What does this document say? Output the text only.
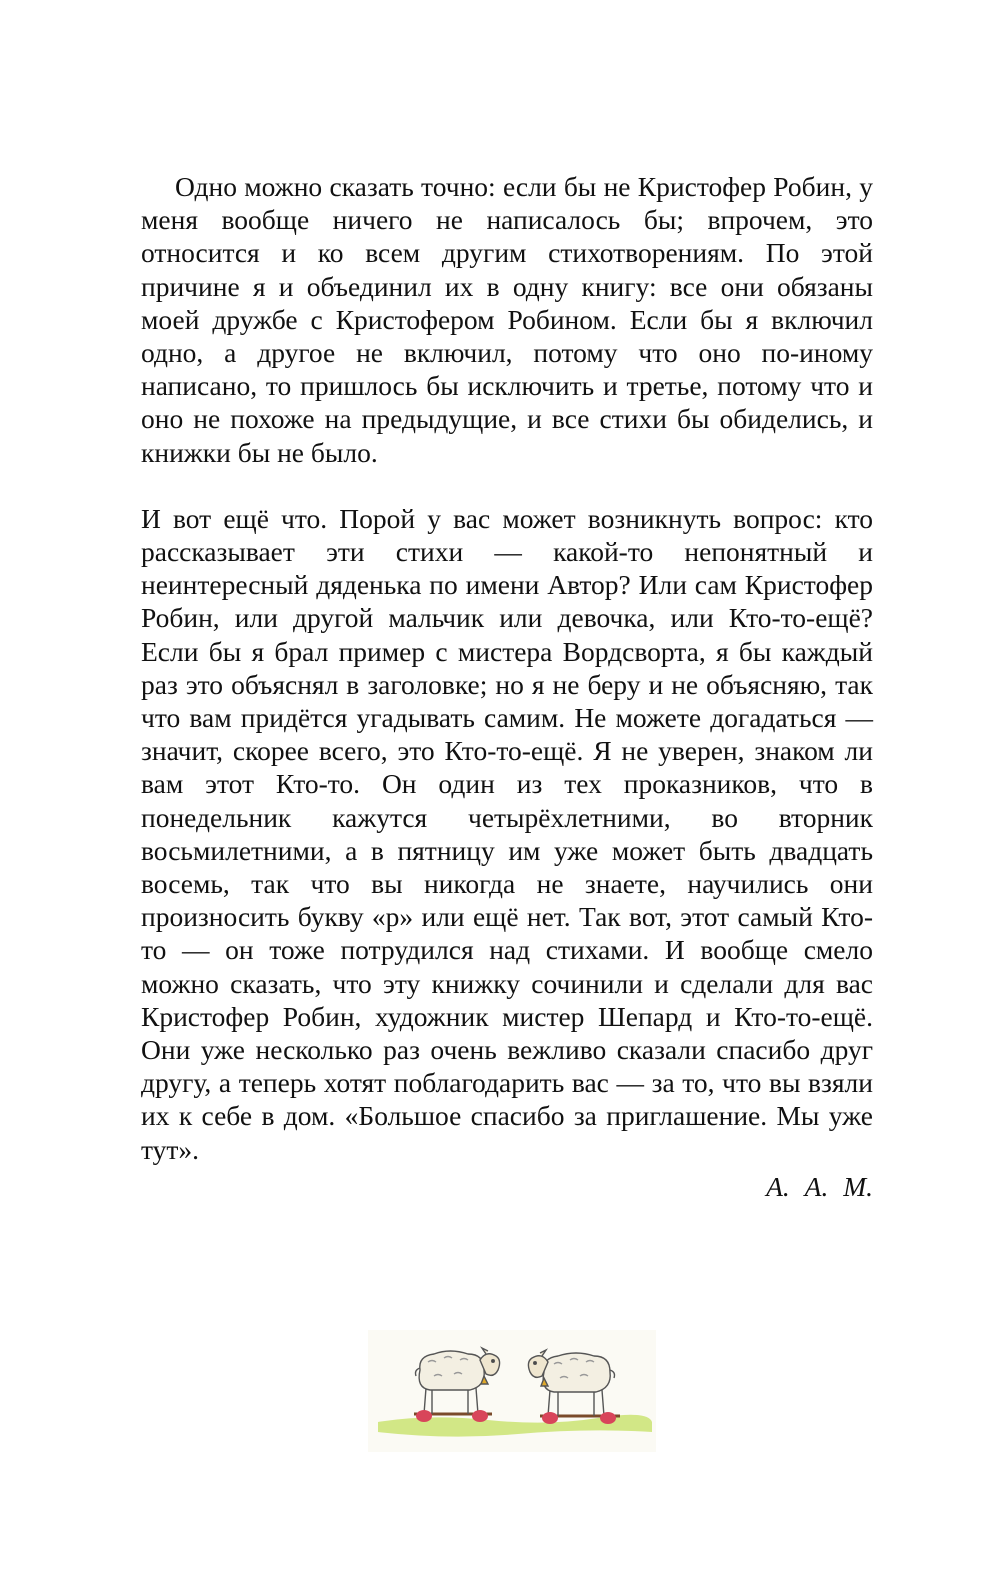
Одно можно сказать точно: если бы не Кристофер Робин, у меня вообще ничего не написалось бы; впрочем, это относится и ко всем другим стихотворениям. По этой причине я и объединил их в одну книгу: все они обязаны моей дружбе с Кристофером Робином. Если бы я включил одно, а другое не включил, потому что оно по-иному написано, то пришлось бы исключить и третье, потому что и оно не похоже на предыдущие, и все стихи бы обиделись, и книжки бы не было.

И вот ещё что. Порой у вас может возникнуть вопрос: кто рассказывает эти стихи — какой-то непонятный и неинтересный дяденька по имени Автор? Или сам Кристофер Робин, или другой мальчик или девочка, или Кто-то-ещё? Если бы я брал пример с мистера Вордсворта, я бы каждый раз это объяснял в заголовке; но я не беру и не объясняю, так что вам придётся угадывать самим. Не можете догадаться — значит, скорее всего, это Кто-то-ещё. Я не уверен, знаком ли вам этот Кто-то. Он один из тех проказников, что в понедельник кажутся четырёхлетними, во вторник восьмилетними, а в пятницу им уже может быть двадцать восемь, так что вы никогда не знаете, научились они произносить букву «р» или ещё нет. Так вот, этот самый Кто-то — он тоже потрудился над стихами. И вообще смело можно сказать, что эту книжку сочинили и сделали для вас Кристофер Робин, художник мистер Шепард и Кто-то-ещё. Они уже несколько раз очень вежливо сказали спасибо друг другу, а теперь хотят поблагодарить вас — за то, что вы взяли их к себе в дом. «Большое спасибо за приглашение. Мы уже тут».

А. А. М.
